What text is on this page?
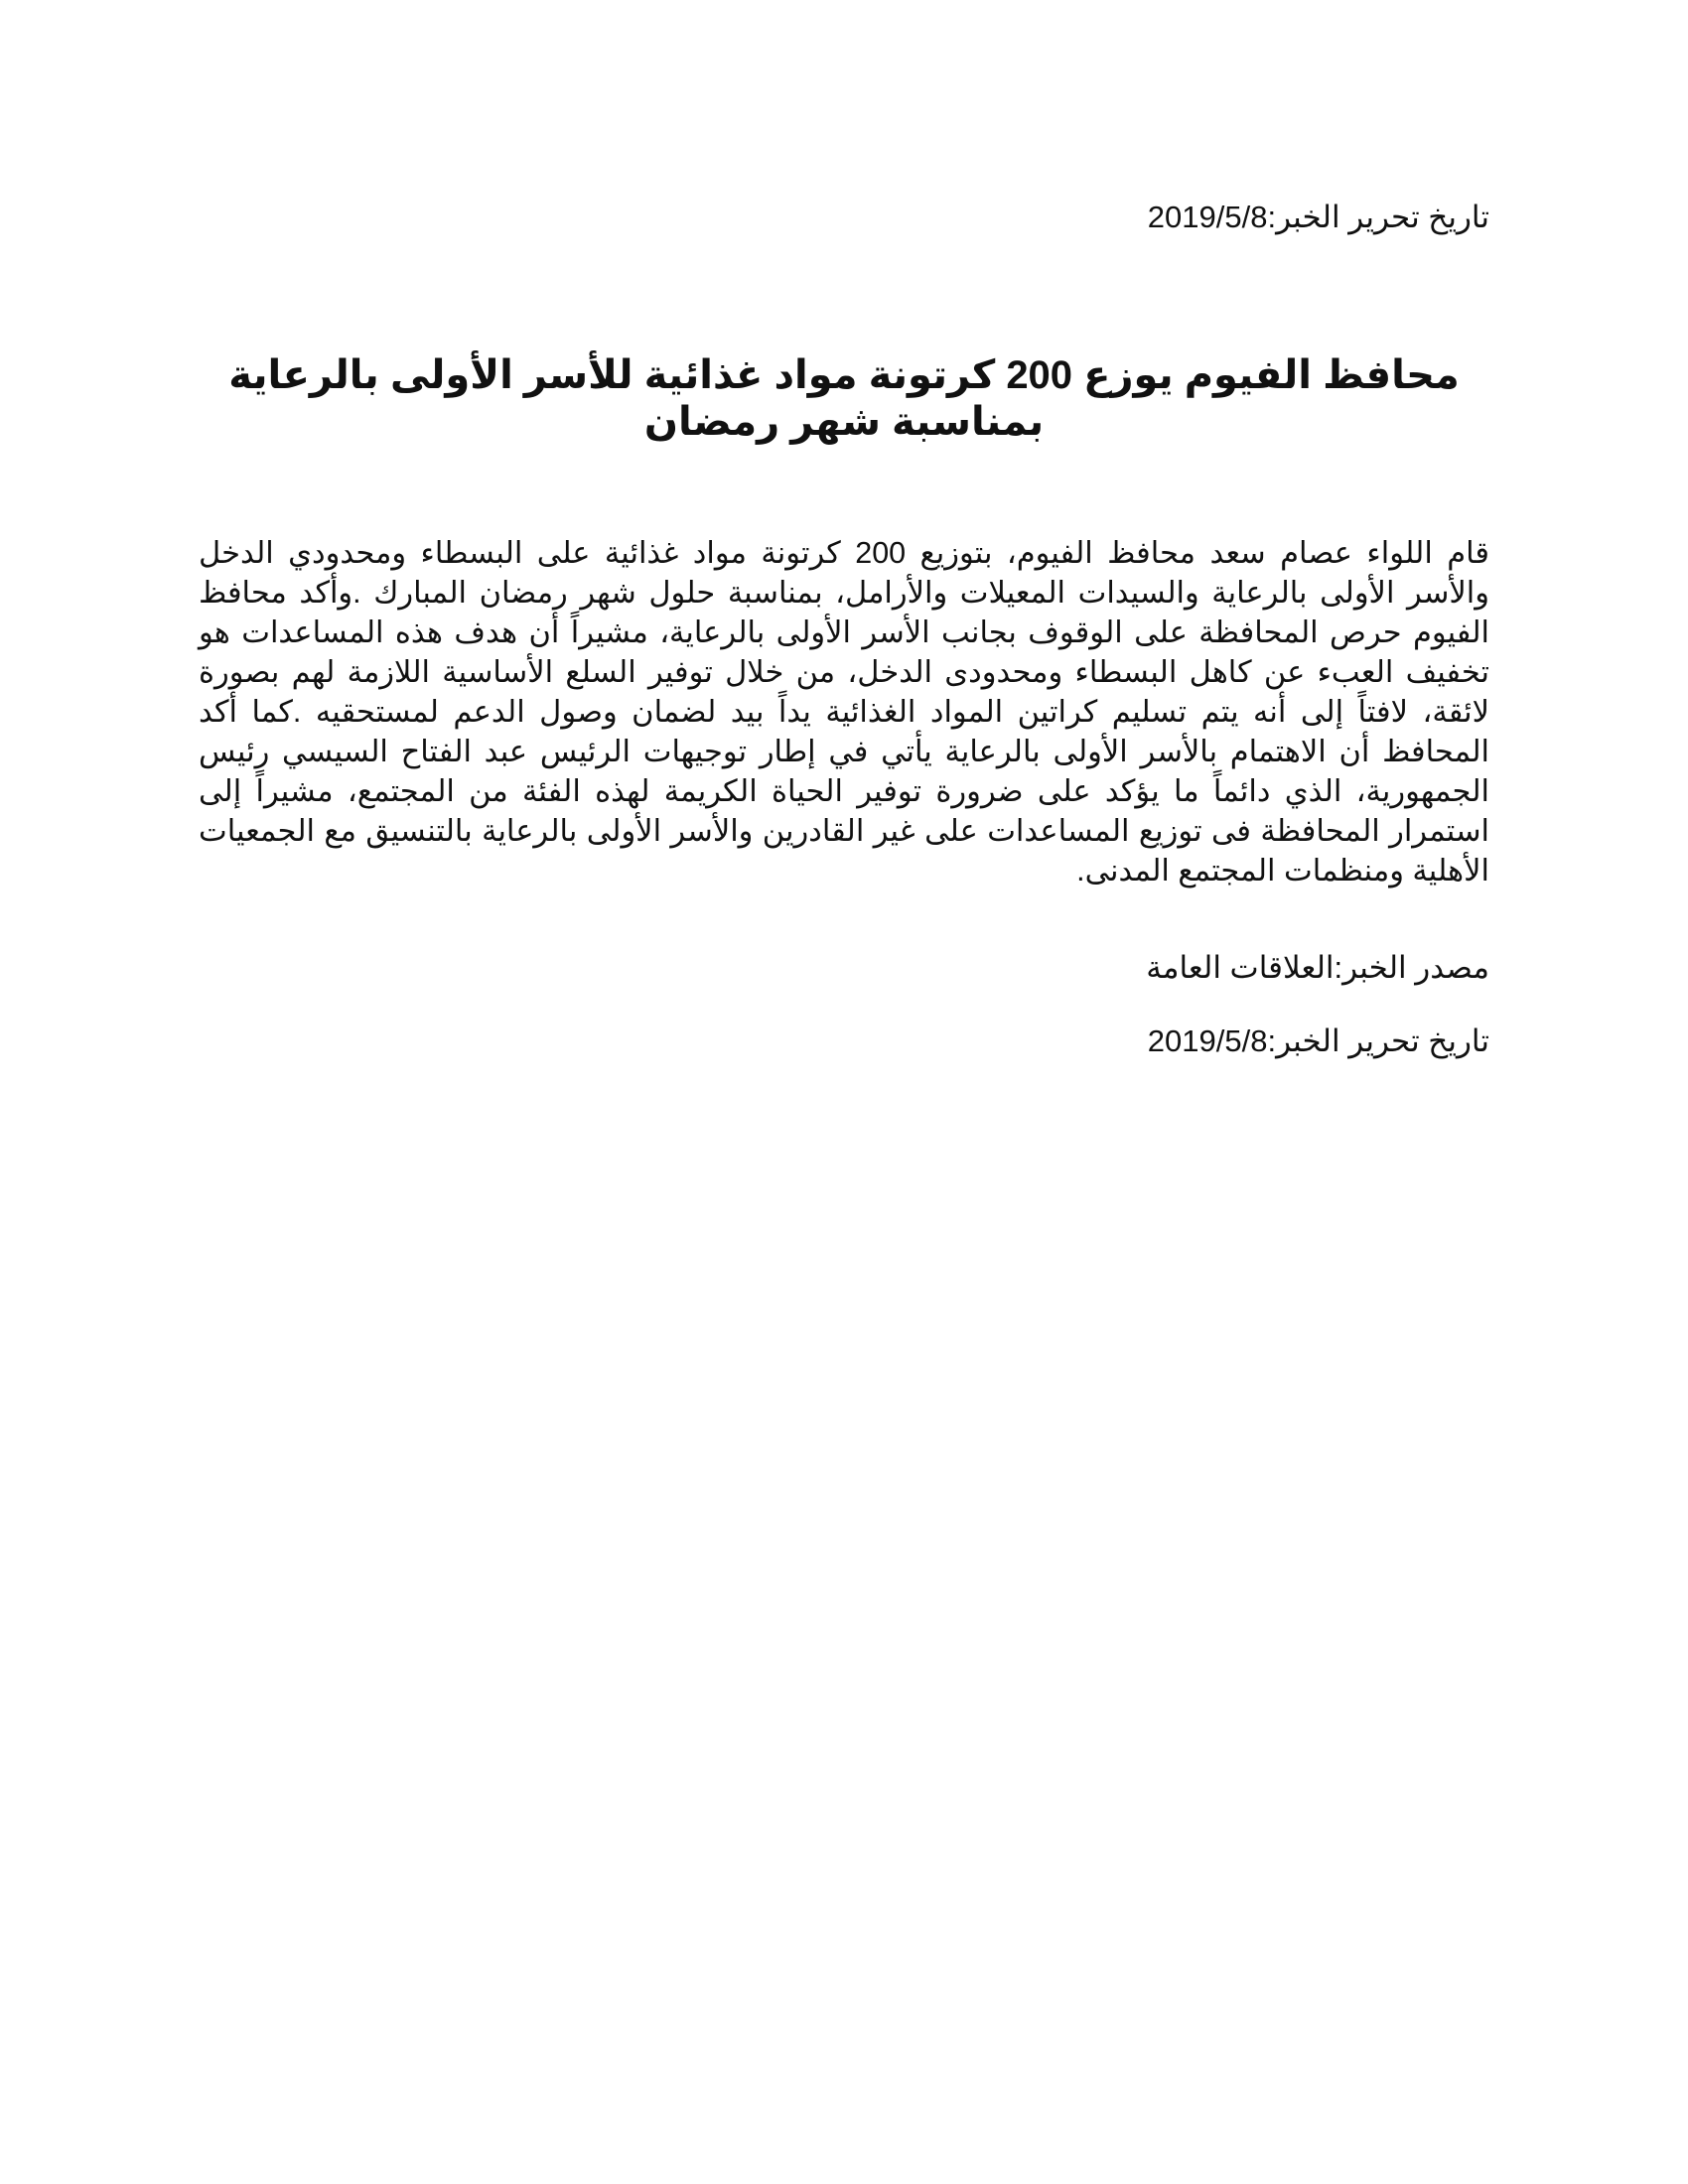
تاريخ تحرير الخبر:2019/5/8
محافظ الفيوم يوزع 200 كرتونة مواد غذائية للأسر الأولى بالرعاية بمناسبة شهر رمضان

قام اللواء عصام سعد محافظ الفيوم، بتوزيع 200 كرتونة مواد غذائية على البسطاء ومحدودي الدخل والأسر الأولى بالرعاية والسيدات المعيلات والأرامل، بمناسبة حلول شهر رمضان المبارك .وأكد محافظ الفيوم حرص المحافظة على الوقوف بجانب الأسر الأولى بالرعاية، مشيراً أن هدف هذه المساعدات هو تخفيف العبء عن كاهل البسطاء ومحدودى الدخل، من خلال توفير السلع الأساسية اللازمة لهم بصورة لائقة، لافتاً إلى أنه يتم تسليم كراتين المواد الغذائية يداً بيد لضمان وصول الدعم لمستحقيه .كما أكد المحافظ أن الاهتمام بالأسر الأولى بالرعاية يأتي في إطار توجيهات الرئيس عبد الفتاح السيسي رئيس الجمهورية، الذي دائماً ما يؤكد على ضرورة توفير الحياة الكريمة لهذه الفئة من المجتمع، مشيراً إلى استمرار المحافظة فى توزيع المساعدات على غير القادرين والأسر الأولى بالرعاية بالتنسيق مع الجمعيات الأهلية ومنظمات المجتمع المدنى.

مصدر الخبر:العلاقات العامة
تاريخ تحرير الخبر:2019/5/8
